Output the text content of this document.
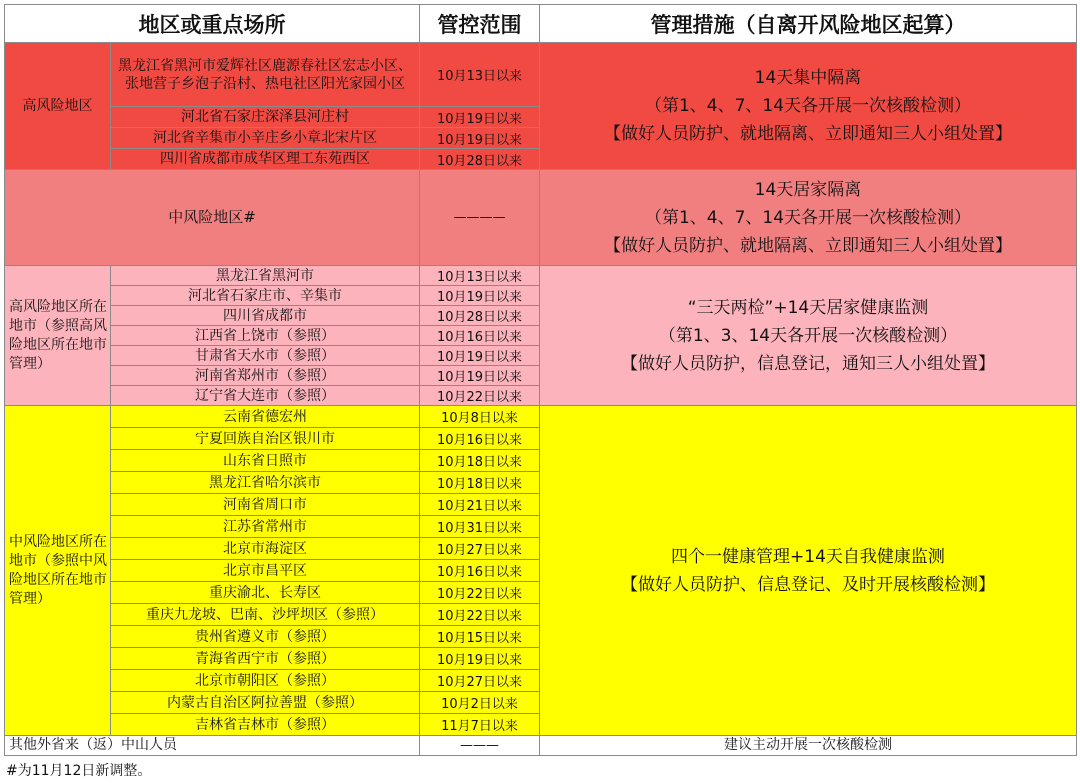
地区或重点场所		管控范围	管理措施（自离开风险地区起算）
高风险地区	黑龙江省黑河市爱辉社区鹿源春社区宏志小区、张地营子乡泡子沿村、热电社区阳光家园小区	10月13日以来	14天集中隔离
（第1、4、7、14天各开展一次核酸检测）
【做好人员防护、就地隔离、立即通知三人小组处置】

	河北省石家庄深泽县河庄村	10月19日以来	
	河北省辛集市小辛庄乡小章北宋片区	10月19日以来	
	四川省成都市成华区理工东苑西区	10月28日以来	
中风险地区#		————	14天居家隔离
（第1、4、7、14天各开展一次核酸检测）
【做好人员防护、就地隔离、立即通知三人小组处置】

高风险地区所在地市（参照高风险地区所在地市管理）	黑龙江省黑河市	10月13日以来	“三天两检”+14天居家健康监测
（第1、3、14天各开展一次核酸检测）
【做好人员防护，信息登记，通知三人小组处置】

	河北省石家庄市、辛集市	10月19日以来	
	四川省成都市	10月28日以来	
	江西省上饶市（参照）	10月16日以来	
	甘肃省天水市（参照）	10月19日以来	
	河南省郑州市（参照）	10月19日以来	
	辽宁省大连市（参照）	10月22日以来	
中风险地区所在地市（参照中风险地区所在地市管理）	云南省德宏州	10月8日以来	四个一健康管理+14天自我健康监测
【做好人员防护、信息登记、及时开展核酸检测】

	宁夏回族自治区银川市	10月16日以来	
	山东省日照市	10月18日以来	
	黑龙江省哈尔滨市	10月18日以来	
	河南省周口市	10月21日以来	
	江苏省常州市	10月31日以来	
	北京市海淀区	10月27日以来	
	北京市昌平区	10月16日以来	
	重庆渝北、长寿区	10月22日以来	
	重庆九龙坡、巴南、沙坪坝区（参照）	10月22日以来	
	贵州省遵义市（参照）	10月15日以来	
	青海省西宁市（参照）	10月19日以来	
	北京市朝阳区（参照）	10月27日以来	
	内蒙古自治区阿拉善盟（参照）	10月2日以来	
	吉林省吉林市（参照）	11月7日以来	
其他外省来（返）中山人员		———	建议主动开展一次核酸检测
#为11月12日新调整。
